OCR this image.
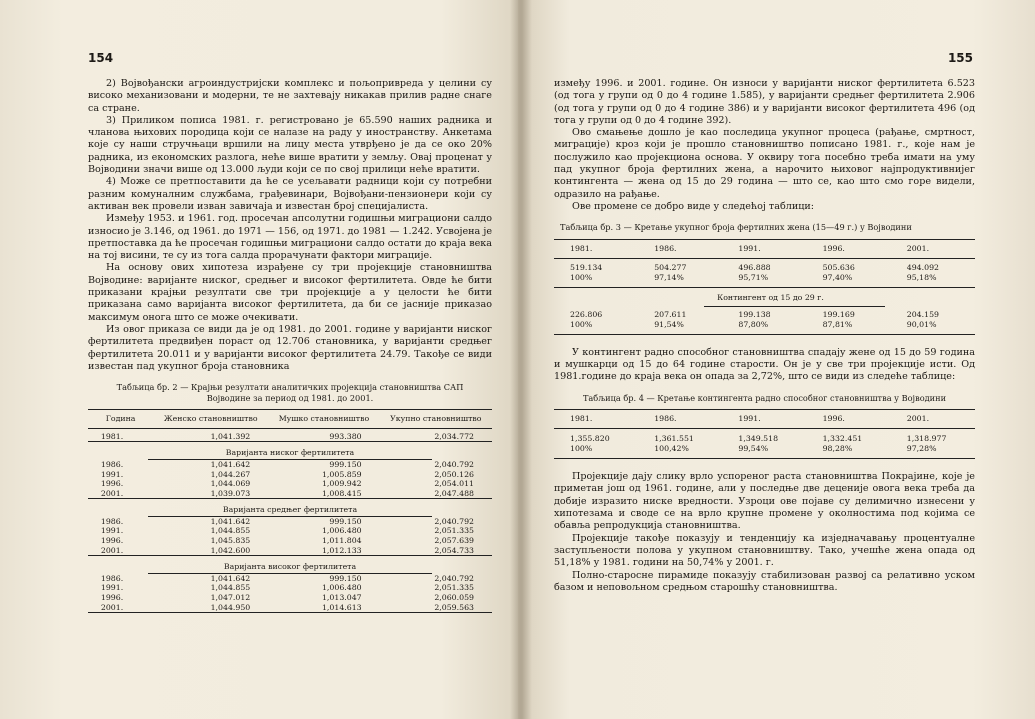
154

2) Војвођански агроиндустријски комплекс и пољопривреда у целини су високо механизовани и модерни, те не захтевају никакав прилив радне снаге са стране.

3) Приликом пописа 1981. г. регистровано је 65.590 наших радника и чланова њихових породица који се налазе на раду у иностранству. Анкетама које су наши стручњаци вршили на лицу места утврђено је да се око 20% радника, из економских разлога, неће више вратити у земљу. Овај проценат у Војводини значи више од 13.000 људи који се по свој прилици неће вратити.

4) Може се претпоставити да ће се усељавати радници који су потребни разним комуналним службама, грађевинари, Војвођани-пензионери који су активан век провели изван завичаја и известан број специјалиста.

Између 1953. и 1961. год. просечан апсолутни годишњи миграциони салдо износио је 3.146, од 1961. до 1971 — 156, од 1971. до 1981 — 1.242. Усвојена је претпоставка да ће просечан годишњи миграциони салдо остати до краја века на тој висини, те су из тога салда прорачунати фактори миграције.

На основу ових хипотеза израђене су три пројекције становништва Војводине: варијанте ниског, средњег и високог фертилитета. Овде ће бити приказани крајњи резултати све три пројекције а у целости ће бити приказана само варијанта високог фертилитета, да би се јасније приказао максимум онога што се може очекивати.

Из овог приказа се види да је од 1981. до 2001. године у варијанти ниског фертилитета предвиђен пораст од 12.706 становника, у варијанти средњег фертилитета 20.011 и у варијанти високог фертилитета 24.79. Такође се види известан пад укупног броја становника

Табљица бр. 2 — Крајњи резултати аналитичких пројекција становништва САП Војводине за период од 1981. до 2001.
Година	Женско становништво	Мушко становништво	Укупно становништво

1981.	1,041.392	993.380	2,034.772

Варијанта ниског фертилитета			

1986.	1,041.642	999.150	2,040.792
1991.	1,044.267	1,005.859	2,050.126
1996.	1,044.069	1,009.942	2,054.011
2001.	1,039.073	1,008.415	2,047.488

Варијанта средњег фертилитета			

1986.	1,041.642	999.150	2,040.792
1991.	1,044.855	1,006.480	2,051.335
1996.	1,045.835	1,011.804	2,057.639
2001.	1,042.600	1,012.133	2,054.733

Варијанта високог фертилитета			

1986.	1,041.642	999.150	2,040.792
1991.	1,044.855	1,006.480	2,051.335
1996.	1,047.012	1,013.047	2,060.059
2001.	1,044.950	1,014.613	2,059.563

155

између 1996. и 2001. године. Он износи у варијанти ниског фертилитета 6.523 (од тога у групи од 0 до 4 године 1.585), у варијанти средњег фертилитета 2.906 (од тога у групи од 0 до 4 године 386) и у варијанти високог фертилитета 496 (од тога у групи од 0 до 4 године 392).

Ово смањење дошло је као последица укупног процеса (рађање, смртност, миграције) кроз који је прошло становништво пописано 1981. г., које нам је послужило као пројекциона основа. У оквиру тога посебно треба имати на уму пад укупног броја фертилних жена, а нарочито њиховог најпродуктивнијег контингента — жена од 15 до 29 година — што се, као што смо горе видели, одразило на рађање.

Ове промене се добро виде у следећој таблици:

Табљица бр. 3 — Кретање укупног броја фертилних жена (15—49 г.) у Војводини
1981.	1986.	1991.	1996.	2001.
519.134	504.277	496.888	505.636	494.092
100%	97,14%	95,71%	97,40%	95,18%
Контингент од 15 до 29 г.				

226.806	207.611	199.138	199.169	204.159
100%	91,54%	87,80%	87,81%	90,01%

У контингент радно способног становништва спадају жене од 15 до 59 година и мушкарци од 15 до 64 године старости. Он је у све три пројекције исти. Од 1981.године до краја века он опада за 2,72%, што се види из следеће таблице:

Табљица бр. 4 — Кретање контингента радно способног становништва у Војводини
1981.	1986.	1991.	1996.	2001.
1,355.820	1,361.551	1,349.518	1,332.451	1,318.977
100%	100,42%	99,54%	98,28%	97,28%

Пројекције дају слику врло успореног раста становништва Покрајине, које је приметан још од 1961. године, али у последње две деценије овога века треба да добије изразито ниске вредности. Узроци ове појаве су делимично изнесени у хипотезама и своде се на врло крупне промене у околностима под којима се обавља репродукција становништва.

Пројекције такође показују и тенденцију ка изједначавању процентуалне заступљености полова у укупном становништву. Тако, учешће жена опада од 51,18% у 1981. години на 50,74% у 2001. г.

Полно-старосне пирамиде показују стабилизован развој са релативно уском базом и неповољном средњом старошћу становништва.
